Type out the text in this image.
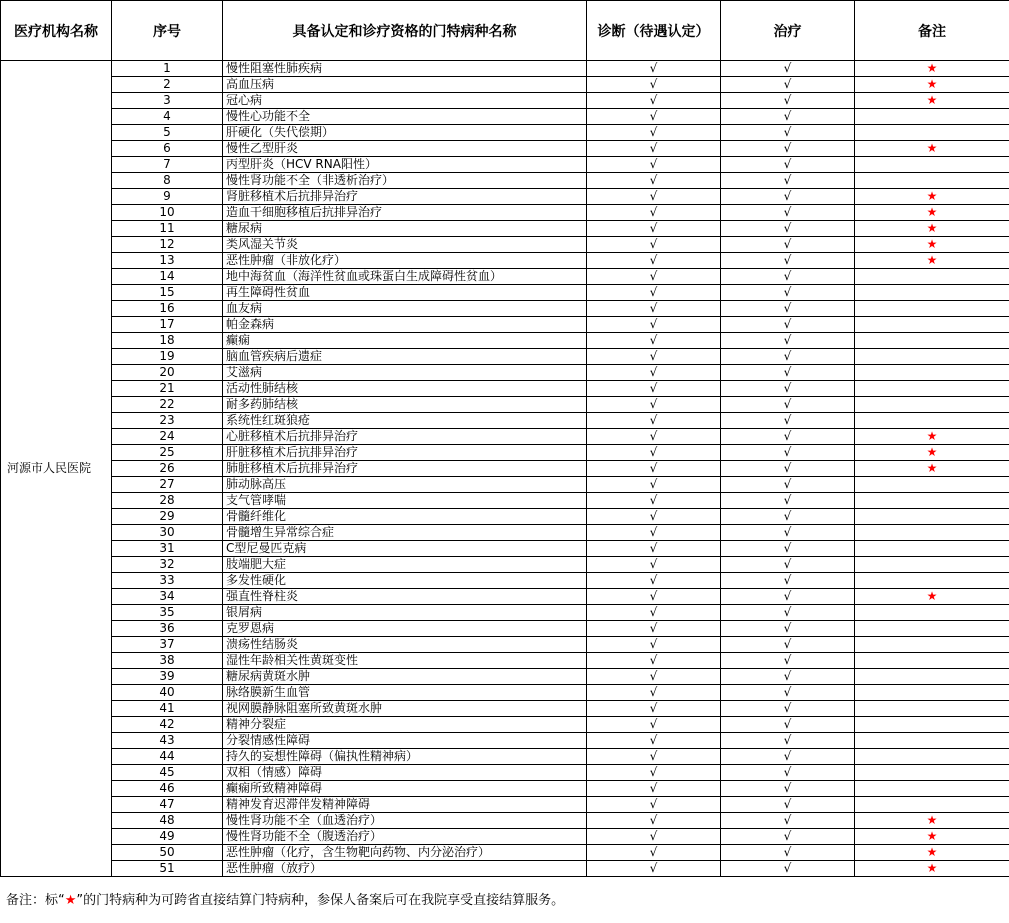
医疗机构名称	序号	具备认定和诊疗资格的门特病种名称	诊断（待遇认定）	治疗	备注
河源市人民医院	1	慢性阻塞性肺疾病	√	√	★
	2	高血压病	√	√	★
	3	冠心病	√	√	★
	4	慢性心功能不全	√	√	
	5	肝硬化（失代偿期）	√	√	
	6	慢性乙型肝炎	√	√	★
	7	丙型肝炎（HCV RNA阳性）	√	√	
	8	慢性肾功能不全（非透析治疗）	√	√	
	9	肾脏移植术后抗排异治疗	√	√	★
	10	造血干细胞移植后抗排异治疗	√	√	★
	11	糖尿病	√	√	★
	12	类风湿关节炎	√	√	★
	13	恶性肿瘤（非放化疗）	√	√	★
	14	地中海贫血（海洋性贫血或珠蛋白生成障碍性贫血）	√	√	
	15	再生障碍性贫血	√	√	
	16	血友病	√	√	
	17	帕金森病	√	√	
	18	癫痫	√	√	
	19	脑血管疾病后遗症	√	√	
	20	艾滋病	√	√	
	21	活动性肺结核	√	√	
	22	耐多药肺结核	√	√	
	23	系统性红斑狼疮	√	√	
	24	心脏移植术后抗排异治疗	√	√	★
	25	肝脏移植术后抗排异治疗	√	√	★
	26	肺脏移植术后抗排异治疗	√	√	★
	27	肺动脉高压	√	√	
	28	支气管哮喘	√	√	
	29	骨髓纤维化	√	√	
	30	骨髓增生异常综合症	√	√	
	31	C型尼曼匹克病	√	√	
	32	肢端肥大症	√	√	
	33	多发性硬化	√	√	
	34	强直性脊柱炎	√	√	★
	35	银屑病	√	√	
	36	克罗恩病	√	√	
	37	溃疡性结肠炎	√	√	
	38	湿性年龄相关性黄斑变性	√	√	
	39	糖尿病黄斑水肿	√	√	
	40	脉络膜新生血管	√	√	
	41	视网膜静脉阻塞所致黄斑水肿	√	√	
	42	精神分裂症	√	√	
	43	分裂情感性障碍	√	√	
	44	持久的妄想性障碍（偏执性精神病）	√	√	
	45	双相（情感）障碍	√	√	
	46	癫痫所致精神障碍	√	√	
	47	精神发育迟滞伴发精神障碍	√	√	
	48	慢性肾功能不全（血透治疗）	√	√	★
	49	慢性肾功能不全（腹透治疗）	√	√	★
	50	恶性肿瘤（化疗，含生物靶向药物、内分泌治疗）	√	√	★
	51	恶性肿瘤（放疗）	√	√	★
备注：标“★”的门特病种为可跨省直接结算门特病种，参保人备案后可在我院享受直接结算服务。
